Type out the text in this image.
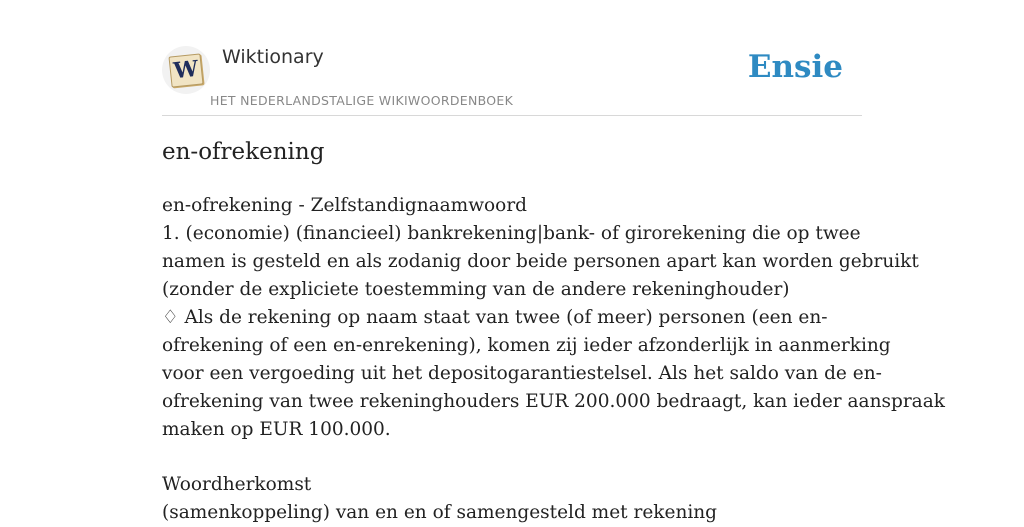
W Wiktionary
HET NEDERLANDSTALIGE WIKIWOORDENBOEK
Ensie
en-ofrekening
en-ofrekening - Zelfstandignaamwoord
1. (economie) (financieel) bankrekening|bank- of girorekening die op twee
namen is gesteld en als zodanig door beide personen apart kan worden gebruikt
(zonder de expliciete toestemming van de andere rekeninghouder)
♢ Als de rekening op naam staat van twee (of meer) personen (een en-
ofrekening of een en-enrekening), komen zij ieder afzonderlijk in aanmerking
voor een vergoeding uit het depositogarantiestelsel. Als het saldo van de en-
ofrekening van twee rekeninghouders EUR 200.000 bedraagt, kan ieder aanspraak
maken op EUR 100.000.
Woordherkomst
(samenkoppeling) van en en of samengesteld met rekening
